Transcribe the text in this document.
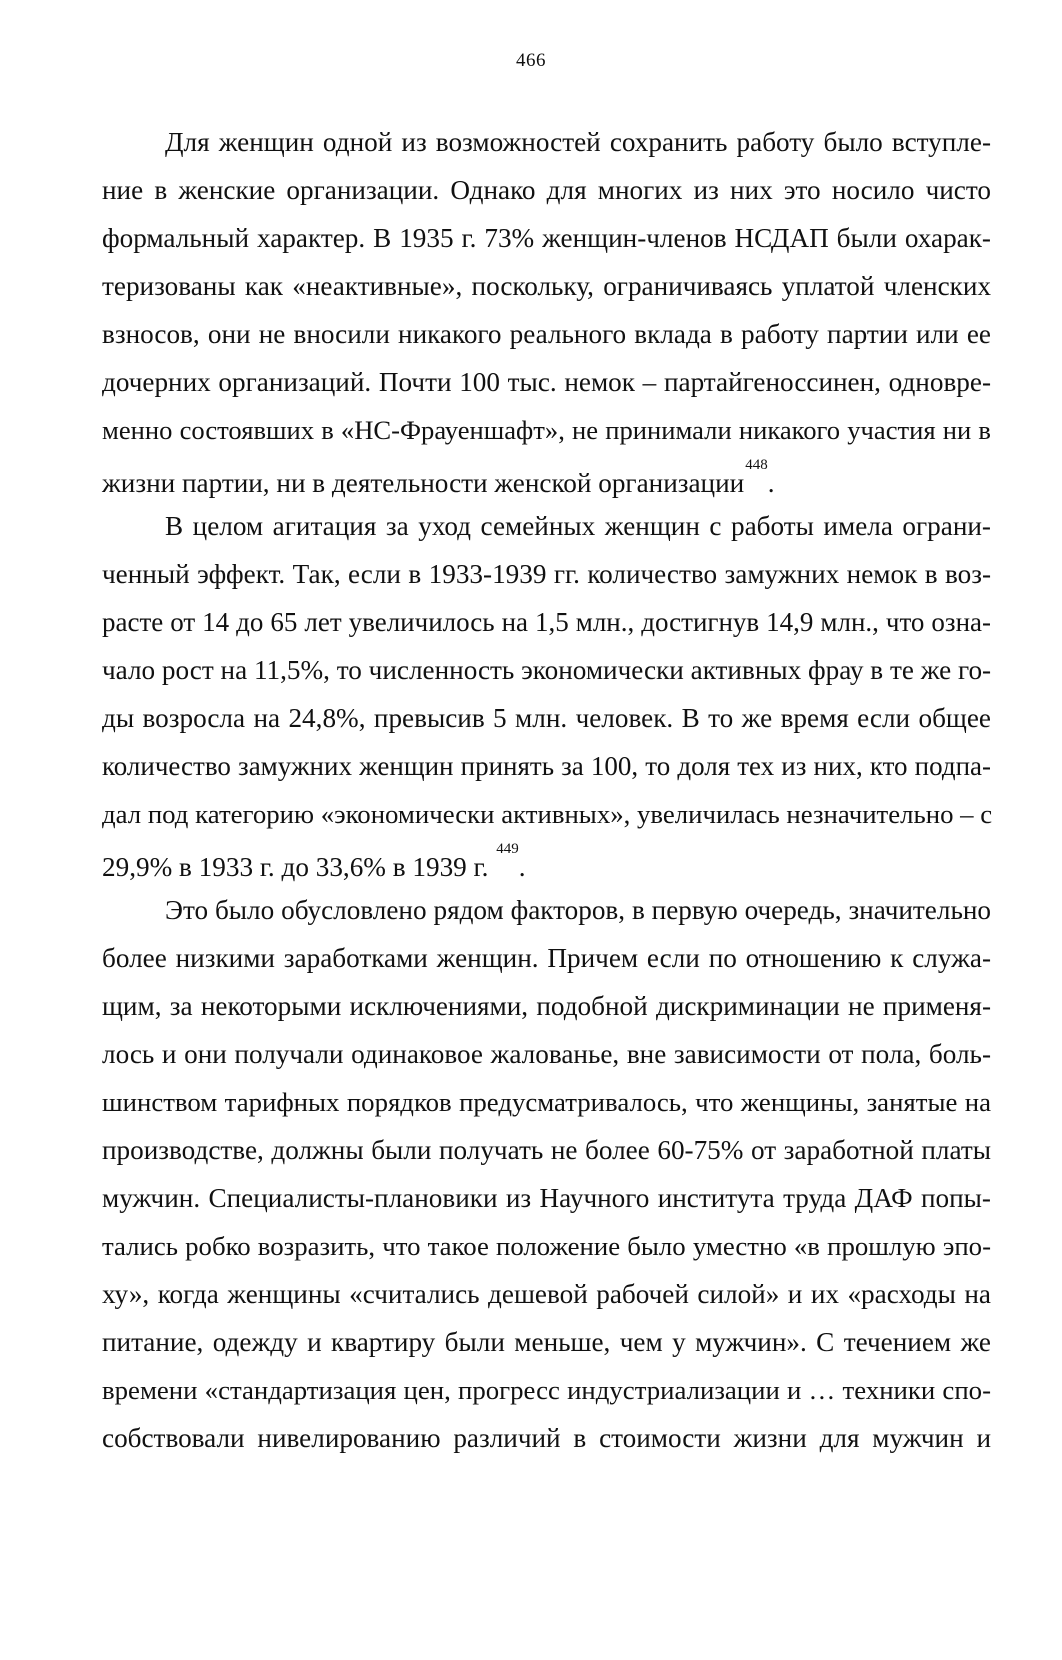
466
Для женщин одной из возможностей сохранить работу было вступле-
ние в женские организации. Однако для многих из них это носило чисто
формальный характер. В 1935 г. 73% женщин-членов НСДАП были охарак-
теризованы как «неактивные», поскольку, ограничиваясь уплатой членских
взносов, они не вносили никакого реального вклада в работу партии или ее
дочерних организаций. Почти 100 тыс. немок – партайгеноссинен, одновре-
менно состоявших в «НС-Фрауеншафт», не принимали никакого участия ни в
жизни партии, ни в деятельности женской организации$^{448}$.
В целом агитация за уход семейных женщин с работы имела ограни-
ченный эффект. Так, если в 1933-1939 гг. количество замужних немок в воз-
расте от 14 до 65 лет увеличилось на 1,5 млн., достигнув 14,9 млн., что озна-
чало рост на 11,5%, то численность экономически активных фрау в те же го-
ды возросла на 24,8%, превысив 5 млн. человек. В то же время если общее
количество замужних женщин принять за 100, то доля тех из них, кто подпа-
дал под категорию «экономически активных», увеличилась незначительно – с
29,9% в 1933 г. до 33,6% в 1939 г. $^{449}$.
Это было обусловлено рядом факторов, в первую очередь, значительно
более низкими заработками женщин. Причем если по отношению к служа-
щим, за некоторыми исключениями, подобной дискриминации не применя-
лось и они получали одинаковое жалованье, вне зависимости от пола, боль-
шинством тарифных порядков предусматривалось, что женщины, занятые на
производстве, должны были получать не более 60-75% от заработной платы
мужчин. Специалисты-плановики из Научного института труда ДАФ попы-
тались робко возразить, что такое положение было уместно «в прошлую эпо-
ху», когда женщины «считались дешевой рабочей силой» и их «расходы на
питание, одежду и квартиру были меньше, чем у мужчин». С течением же
времени «стандартизация цен, прогресс индустриализации и … техники спо-
собствовали нивелированию различий в стоимости жизни для мужчин и
